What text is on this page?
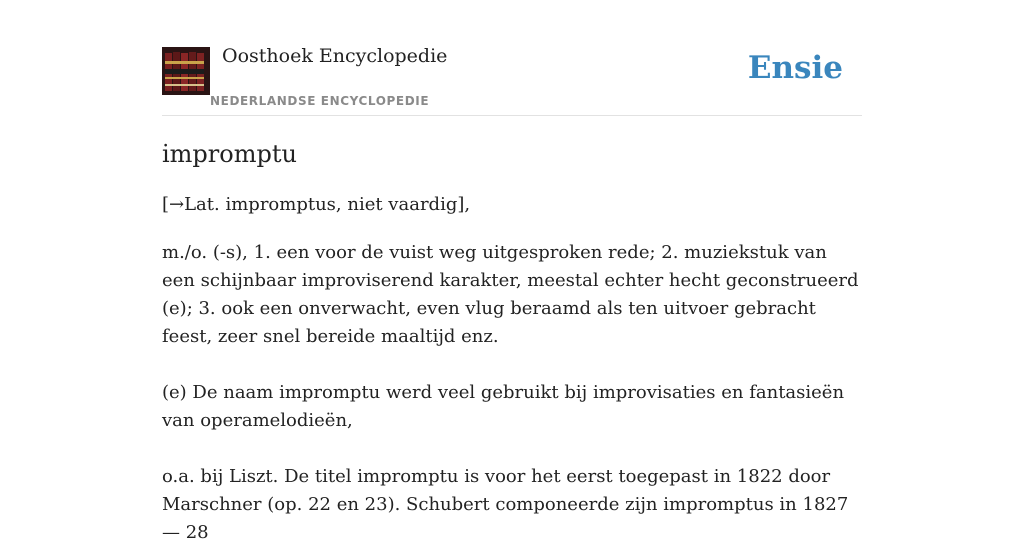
Oosthoek Encyclopedie
NEDERLANDSE ENCYCLOPEDIE
Ensie
impromptu
[→Lat. impromptus, niet vaardig],

m./o. (-s), 1. een voor de vuist weg uitgesproken rede; 2. muziekstuk van een schijnbaar improviserend karakter, meestal echter hecht geconstrueerd (e); 3. ook een onverwacht, even vlug beraamd als ten uitvoer gebracht feest, zeer snel bereide maaltijd enz.

(e) De naam impromptu werd veel gebruikt bij improvisaties en fantasieën van operamelodieën,

o.a. bij Liszt. De titel impromptu is voor het eerst toegepast in 1822 door Marschner (op. 22 en 23). Schubert componeerde zijn impromptus in 1827— 28
